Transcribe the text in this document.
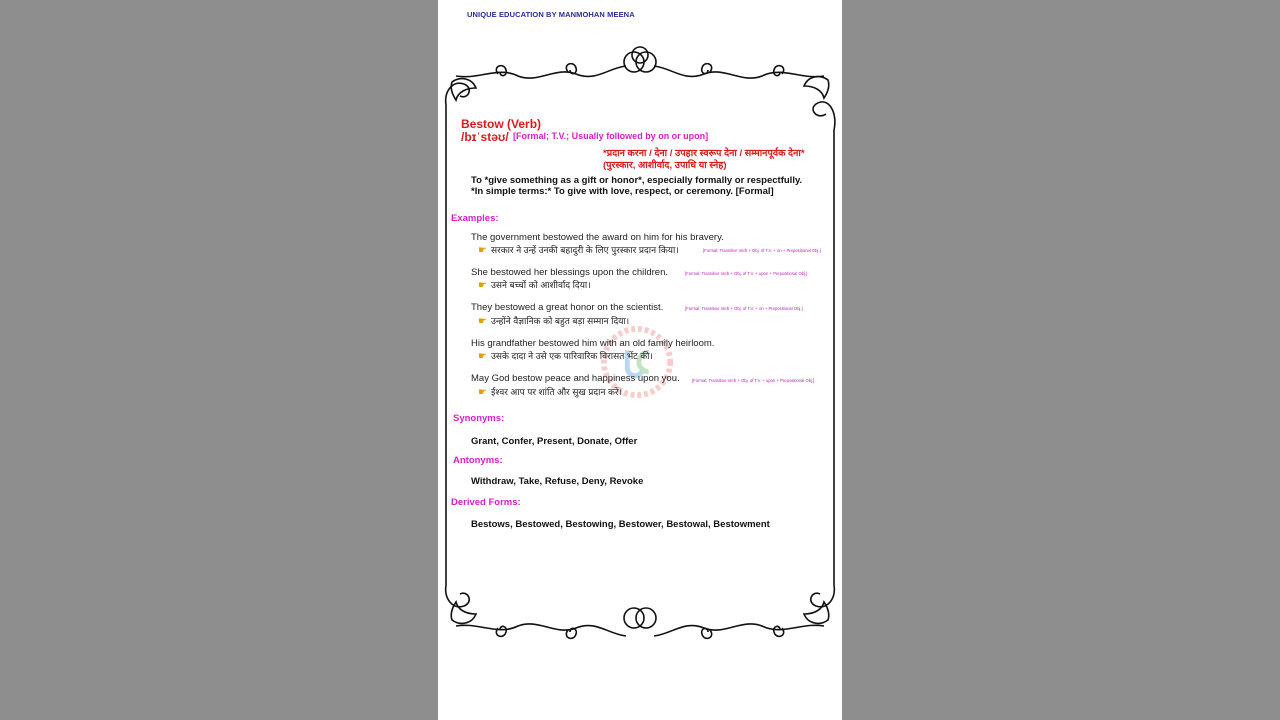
UNIQUE EDUCATION BY MANMOHAN MEENA
Bestow (Verb)
/bɪˈstəʊ/ [Formal; T.V.; Usually followed by on or upon]
*प्रदान करना / देना / उपहार स्वरूप देना / सम्मानपूर्वक देना* (पुरस्कार, आशीर्वाद, उपाधि या स्नेह)
To *give something as a gift or honor*, especially formally or respectfully.
*In simple terms:* To give with love, respect, or ceremony. [Formal]
Examples:
The government bestowed the award on him for his bravery.
☛ सरकार ने उन्हें उनकी बहादुरी के लिए पुरस्कार प्रदान किया।	[Formal; Transitive Verb + Obj. of T.V. + on + Prepositional Obj.]
She bestowed her blessings upon the children.
☛ उसने बच्चों को आशीर्वाद दिया।
[Formal; Transitive Verb + Obj. of T.V. + upon + Prepositional Obj.]
They bestowed a great honor on the scientist.
☛ उन्होंने वैज्ञानिक को बहुत बड़ा सम्मान दिया।
[Formal; Transitive Verb + Obj. of T.V. + on + Prepositional Obj.]
His grandfather bestowed him with an old family heirloom.
☛ उसके दादा ने उसे एक पारिवारिक विरासत भेंट की।
May God bestow peace and happiness upon you.
☛ ईश्वर आप पर शांति और सुख प्रदान करें।
[Formal; Transitive Verb + Obj. of T.V. + upon + Prepositional Obj.]
Synonyms:
Grant, Confer, Present, Donate, Offer
Antonyms:
Withdraw, Take, Refuse, Deny, Revoke
Derived Forms:
Bestows, Bestowed, Bestowing, Bestower, Bestowal, Bestowment
